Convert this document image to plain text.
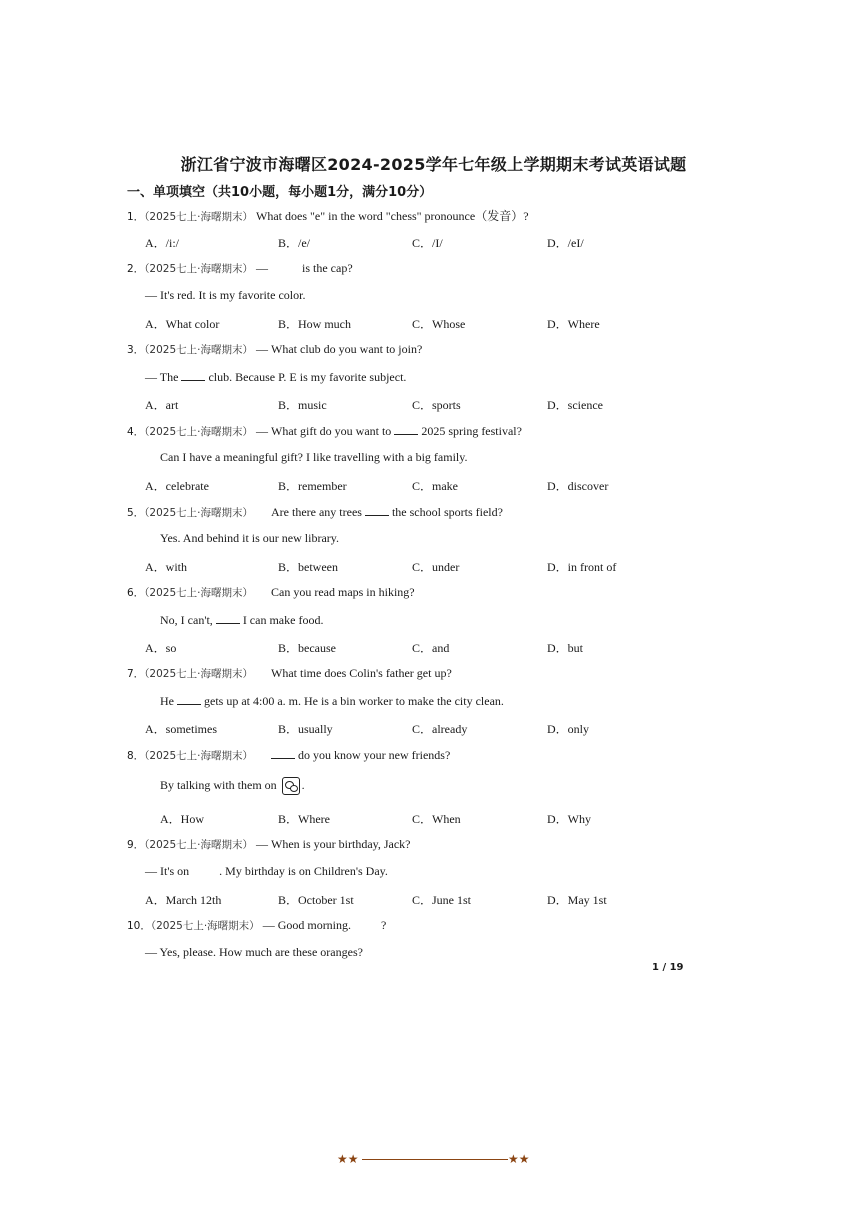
浙江省宁波市海曙区2024-2025学年七年级上学期期末考试英语试题
一、单项填空（共10小题，每小题1分，满分10分）
1．（2025七上·海曙期末） What does "e" in the word "chess" pronounce（发音）?
A．/i:/	B．/e/	C．/I/	D．/eI/
2．（2025七上·海曙期末） —	is the cap?
— It's red. It is my favorite color.
A．What color	B．How much	C．Whose	D．Where
3．（2025七上·海曙期末） — What club do you want to join?
— The	club. Because P. E is my favorite subject.
A．art	B．music	C．sports	D．science
4．（2025七上·海曙期末） — What gift do you want to	2025 spring festival?
Can I have a meaningful gift? I like travelling with a big family.
A．celebrate	B．remember	C．make	D．discover
5．（2025七上·海曙期末） Are there any trees	the school sports field?
Yes. And behind it is our new library.
A．with	B．between	C．under	D．in front of
6．（2025七上·海曙期末） Can you read maps in hiking?
No, I can't,	I can make food.
A．so	B．because	C．and	D．but
7．（2025七上·海曙期末） What time does Colin's father get up?
He	gets up at 4:00 a. m. He is a bin worker to make the city clean.
A．sometimes	B．usually	C．already	D．only
8．（2025七上·海曙期末）	do you know your new friends?
By talking with them on .
A．How	B．Where	C．When	D．Why
9．（2025七上·海曙期末） — When is your birthday, Jack?
— It's on	. My birthday is on Children's Day.
A．March 12th	B．October 1st	C．June 1st	D．May 1st
10．（2025七上·海曙期末） — Good morning.	?
— Yes, please. How much are these oranges?
1 / 19
★★	★★
